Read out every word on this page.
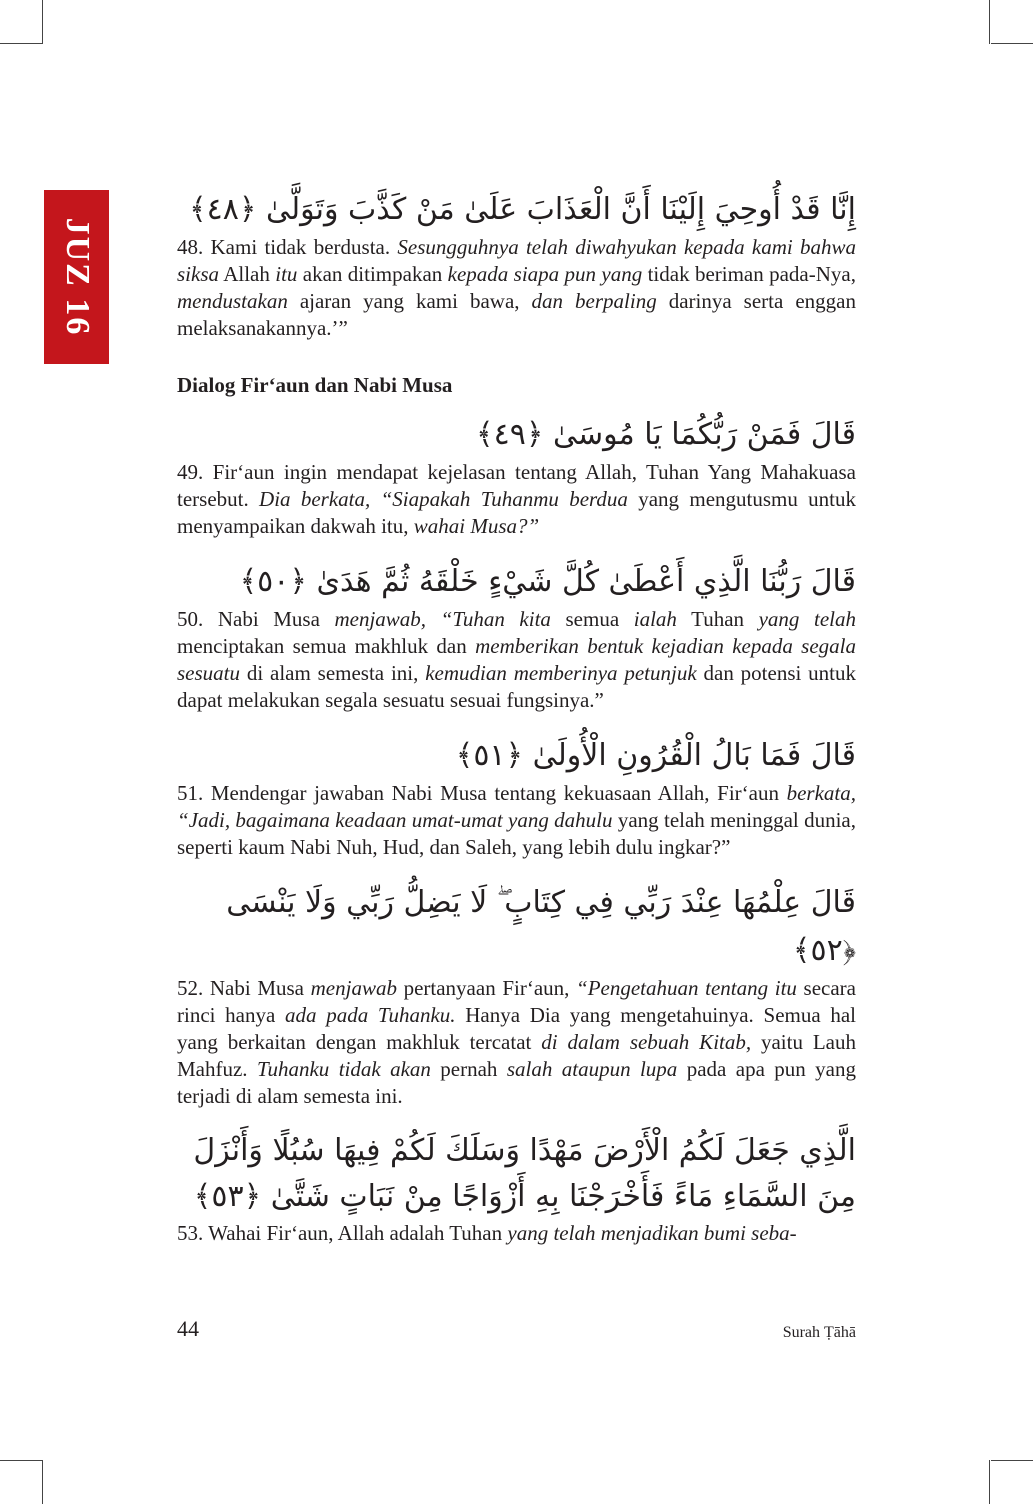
JUZ 16

إِنَّا قَدْ أُوحِيَ إِلَيْنَا أَنَّ الْعَذَابَ عَلَىٰ مَنْ كَذَّبَ وَتَوَلَّىٰ ﴿٤٨﴾

48. Kami tidak berdusta. Sesungguhnya telah diwahyukan kepada kami bahwa siksa Allah itu akan ditimpakan kepada siapa pun yang tidak beriman pada-Nya, mendustakan ajaran yang kami bawa, dan berpaling darinya serta enggan melaksanakannya.’”

Dialog Fir‘aun dan Nabi Musa

قَالَ فَمَنْ رَبُّكُمَا يَا مُوسَىٰ ﴿٤٩﴾

49. Fir‘aun ingin mendapat kejelasan tentang Allah, Tuhan Yang Mahakuasa tersebut. Dia berkata, “Siapakah Tuhanmu berdua yang mengutusmu untuk menyampaikan dakwah itu, wahai Musa?”

قَالَ رَبُّنَا الَّذِي أَعْطَىٰ كُلَّ شَيْءٍ خَلْقَهُ ثُمَّ هَدَىٰ ﴿٥٠﴾

50. Nabi Musa menjawab, “Tuhan kita semua ialah Tuhan yang telah menciptakan semua makhluk dan memberikan bentuk kejadian kepada segala sesuatu di alam semesta ini, kemudian memberinya petunjuk dan potensi untuk dapat melakukan segala sesuatu sesuai fungsinya.”

قَالَ فَمَا بَالُ الْقُرُونِ الْأُولَىٰ ﴿٥١﴾

51. Mendengar jawaban Nabi Musa tentang kekuasaan Allah, Fir‘aun berkata, “Jadi, bagaimana keadaan umat-umat yang dahulu yang telah meninggal dunia, seperti kaum Nabi Nuh, Hud, dan Saleh, yang lebih dulu ingkar?”

قَالَ عِلْمُهَا عِنْدَ رَبِّي فِي كِتَابٍ ۖ لَا يَضِلُّ رَبِّي وَلَا يَنْسَى ﴿٥٢﴾

52. Nabi Musa menjawab pertanyaan Fir‘aun, “Pengetahuan tentang itu secara rinci hanya ada pada Tuhanku. Hanya Dia yang mengetahuinya. Semua hal yang berkaitan dengan makhluk tercatat di dalam sebuah Kitab, yaitu Lauh Mahfuz. Tuhanku tidak akan pernah salah ataupun lupa pada apa pun yang terjadi di alam semesta ini.

الَّذِي جَعَلَ لَكُمُ الْأَرْضَ مَهْدًا وَسَلَكَ لَكُمْ فِيهَا سُبُلًا وَأَنْزَلَ مِنَ السَّمَاءِ مَاءً فَأَخْرَجْنَا بِهِ أَزْوَاجًا مِنْ نَبَاتٍ شَتَّىٰ ﴿٥٣﴾

53. Wahai Fir‘aun, Allah adalah Tuhan yang telah menjadikan bumi seba-

44	Surah Ṭāhā
